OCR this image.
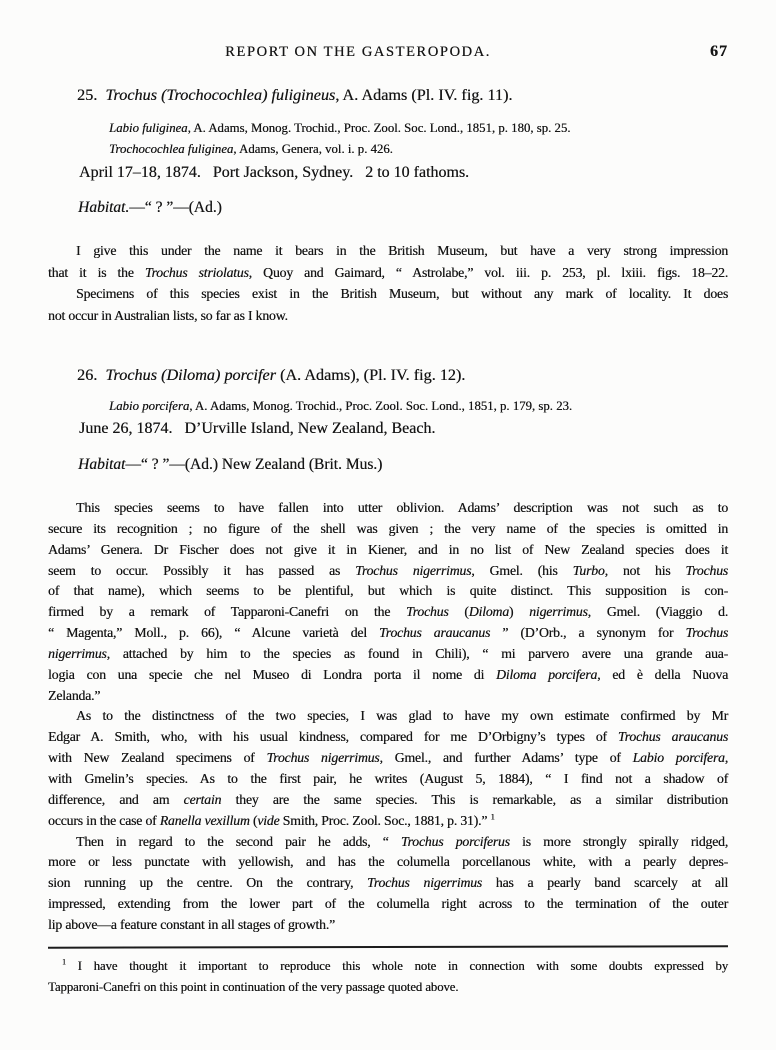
REPORT ON THE GASTEROPODA.	67
25.  Trochus (Trochocochlea) fuligineus, A. Adams (Pl. IV. fig. 11).
Labio fuliginea, A. Adams, Monog. Trochid., Proc. Zool. Soc. Lond., 1851, p. 180, sp. 25.
Trochocochlea fuliginea, Adams, Genera, vol. i. p. 426.
April 17–18, 1874.   Port Jackson, Sydney.   2 to 10 fathoms.
Habitat.—“ ? ”—(Ad.)
I give this under the name it bears in the British Museum, but have a very strong impression
that it is the Trochus striolatus, Quoy and Gaimard, “ Astrolabe,” vol. iii. p. 253, pl. lxiii. figs. 18–22.
Specimens of this species exist in the British Museum, but without any mark of locality. It does
not occur in Australian lists, so far as I know.
26.  Trochus (Diloma) porcifer (A. Adams), (Pl. IV. fig. 12).
Labio porcifera, A. Adams, Monog. Trochid., Proc. Zool. Soc. Lond., 1851, p. 179, sp. 23.
June 26, 1874.   D’Urville Island, New Zealand, Beach.
Habitat—“ ? ”—(Ad.) New Zealand (Brit. Mus.)
This species seems to have fallen into utter oblivion. Adams’ description was not such as to
secure its recognition ; no figure of the shell was given ; the very name of the species is omitted in
Adams’ Genera. Dr Fischer does not give it in Kiener, and in no list of New Zealand species does it
seem to occur. Possibly it has passed as Trochus nigerrimus, Gmel. (his Turbo, not his Trochus
of that name), which seems to be plentiful, but which is quite distinct. This supposition is con-
firmed by a remark of Tapparoni-Canefri on the Trochus (Diloma) nigerrimus, Gmel. (Viaggio d.
“ Magenta,” Moll., p. 66), “ Alcune varietà del Trochus araucanus ” (D’Orb., a synonym for Trochus
nigerrimus, attached by him to the species as found in Chili), “ mi parvero avere una grande aua-
logia con una specie che nel Museo di Londra porta il nome di Diloma porcifera, ed è della Nuova
Zelanda.”
As to the distinctness of the two species, I was glad to have my own estimate confirmed by Mr
Edgar A. Smith, who, with his usual kindness, compared for me D’Orbigny’s types of Trochus araucanus
with New Zealand specimens of Trochus nigerrimus, Gmel., and further Adams’ type of Labio porcifera,
with Gmelin’s species. As to the first pair, he writes (August 5, 1884), “ I find not a shadow of
difference, and am certain they are the same species. This is remarkable, as a similar distribution
occurs in the case of Ranella vexillum (vide Smith, Proc. Zool. Soc., 1881, p. 31).” $^1$
Then in regard to the second pair he adds, “ Trochus porciferus is more strongly spirally ridged,
more or less punctate with yellowish, and has the columella porcellanous white, with a pearly depres-
sion running up the centre. On the contrary, Trochus nigerrimus has a pearly band scarcely at all
impressed, extending from the lower part of the columella right across to the termination of the outer
lip above—a feature constant in all stages of growth.”
$^1$ I have thought it important to reproduce this whole note in connection with some doubts expressed by
Tapparoni-Canefri on this point in continuation of the very passage quoted above.
